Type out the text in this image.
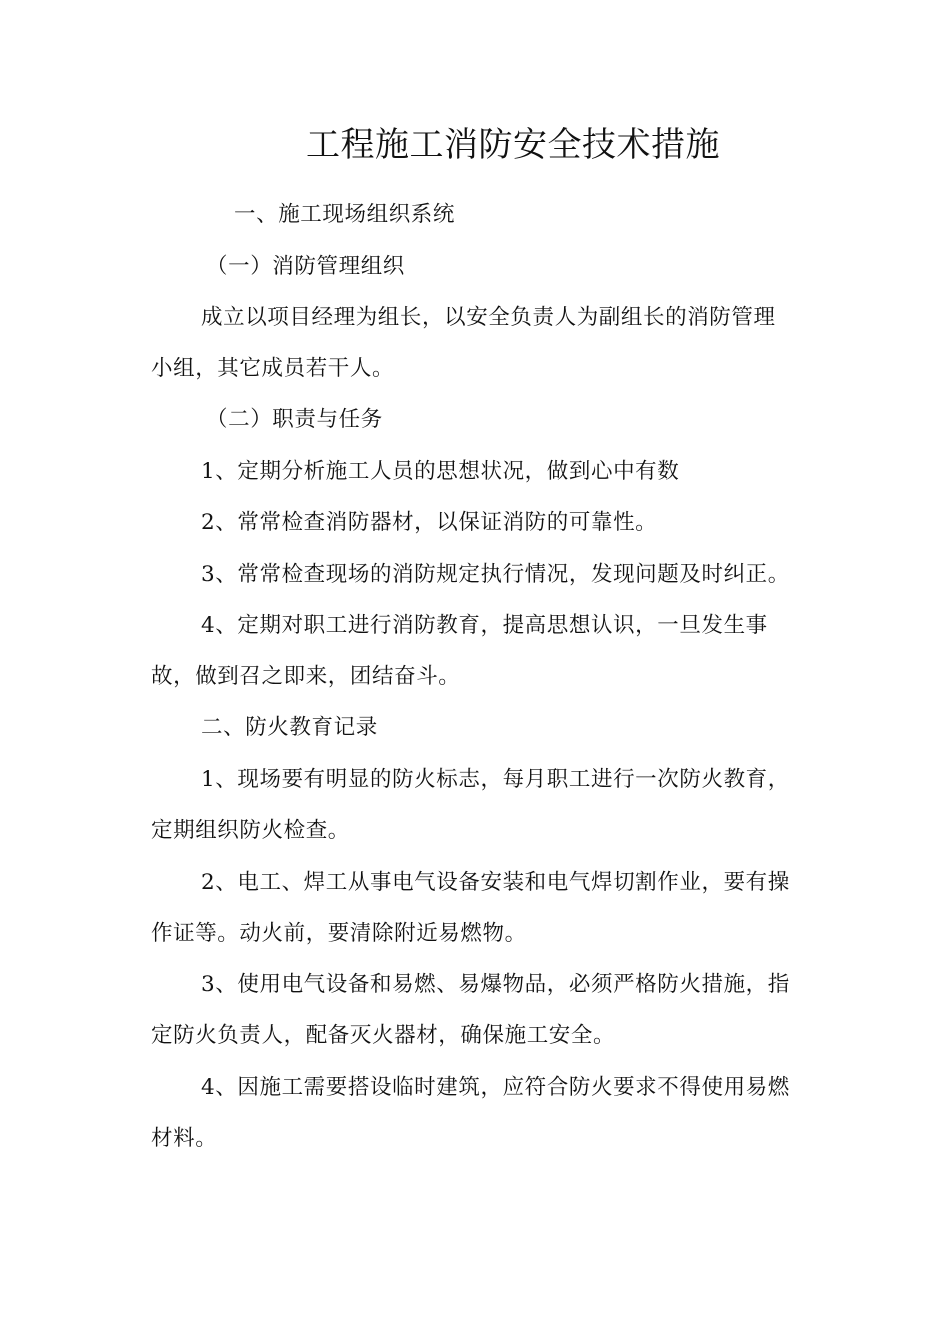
工程施工消防安全技术措施
一、施工现场组织系统
（一）消防管理组织
成立以项目经理为组长，以安全负责人为副组长的消防管理
小组，其它成员若干人。
（二）职责与任务
1、定期分析施工人员的思想状况，做到心中有数
2、常常检查消防器材，以保证消防的可靠性。
3、常常检查现场的消防规定执行情况，发现问题及时纠正。
4、定期对职工进行消防教育，提高思想认识，一旦发生事
故，做到召之即来，团结奋斗。
二、防火教育记录
1、现场要有明显的防火标志，每月职工进行一次防火教育，
定期组织防火检查。
2、电工、焊工从事电气设备安装和电气焊切割作业，要有操
作证等。动火前，要清除附近易燃物。
3、使用电气设备和易燃、易爆物品，必须严格防火措施，指
定防火负责人，配备灭火器材，确保施工安全。
4、因施工需要搭设临时建筑，应符合防火要求不得使用易燃
材料。
